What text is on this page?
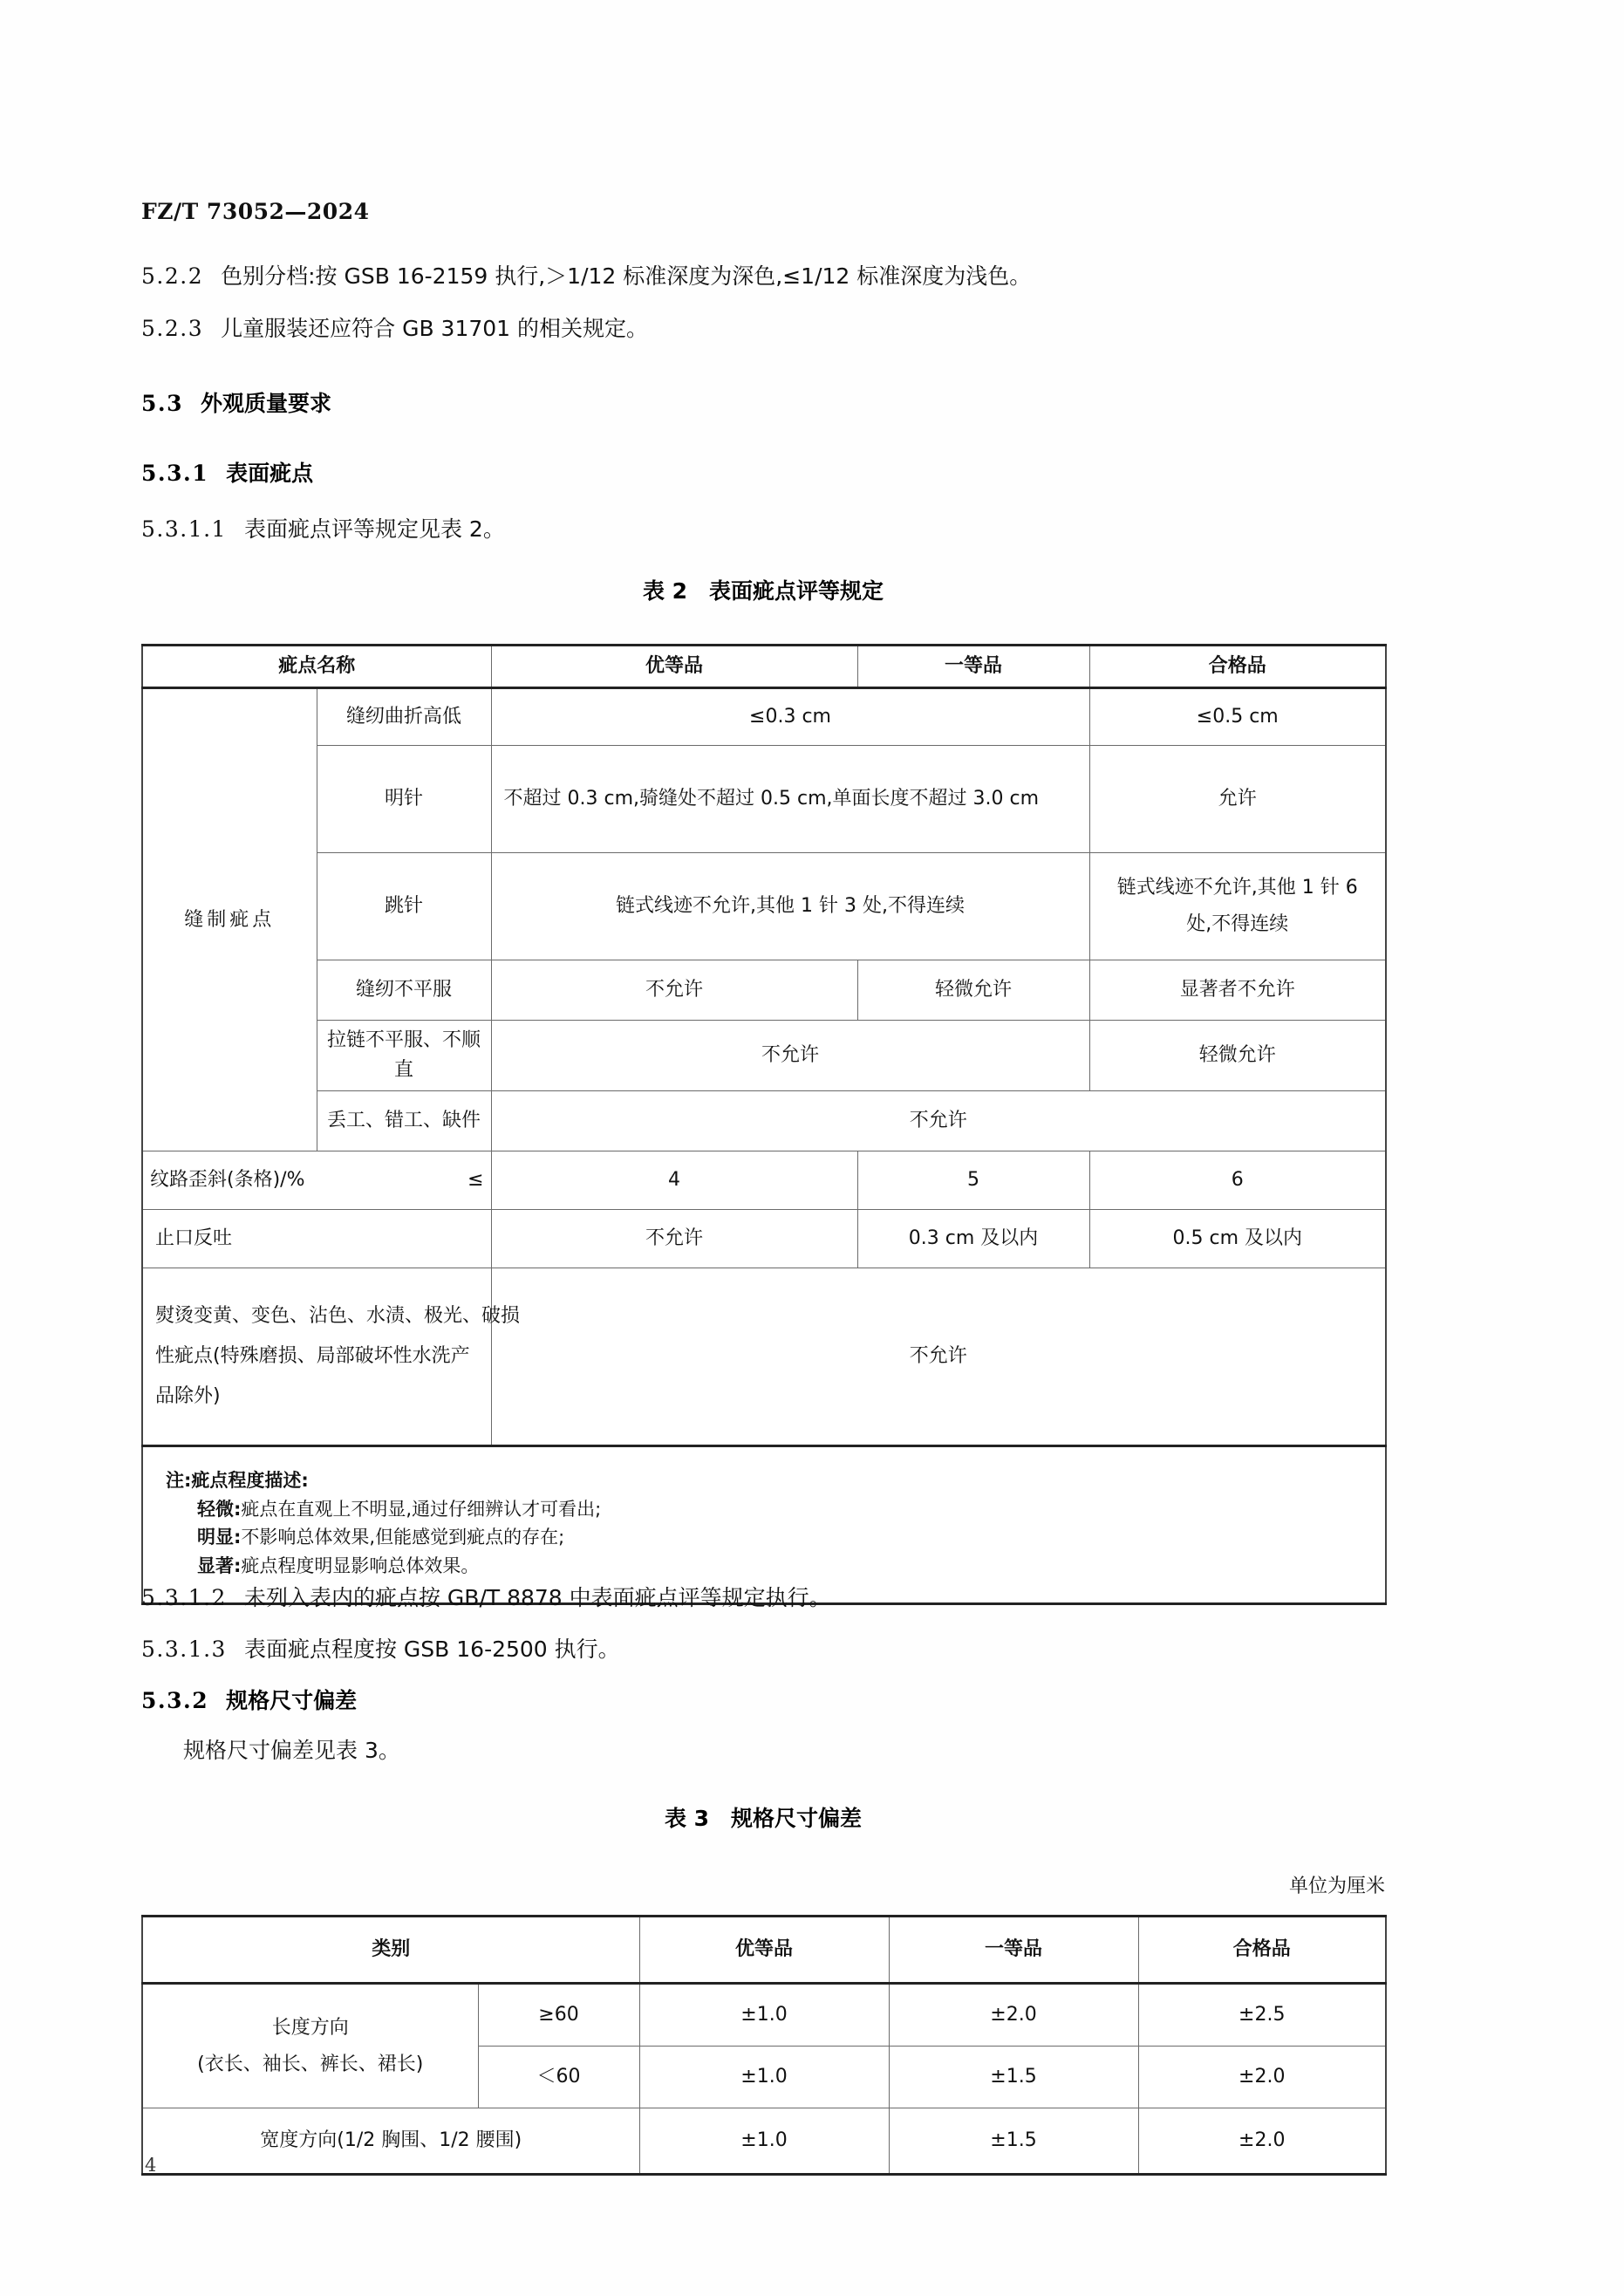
FZ/T 73052—2024
5.2.2 色别分档:按 GSB 16-2159 执行,＞1/12 标准深度为深色,≤1/12 标准深度为浅色。
5.2.3 儿童服装还应符合 GB 31701 的相关规定。
5.3 外观质量要求
5.3.1 表面疵点
5.3.1.1 表面疵点评等规定见表 2。
表 2　表面疵点评等规定
疵点名称		优等品	一等品	合格品
缝制疵点	缝纫曲折高低	≤0.3 cm		≤0.5 cm
	明针	不超过 0.3 cm,骑缝处不超过 0.5 cm,单面长度不超过 3.0 cm		允许
	跳针	链式线迹不允许,其他 1 针 3 处,不得连续		链式线迹不允许,其他 1 针 6 处,不得连续
	缝纫不平服	不允许	轻微允许	显著者不允许
	拉链不平服、不顺直	不允许		轻微允许
	丢工、错工、缺件	不允许		

纹路歪斜(条格)/% ≤		4	5	6
止口反吐		不允许	0.3 cm 及以内	0.5 cm 及以内

熨烫变黄、变色、沾色、水渍、极光、破损
性疵点(特殊磨损、局部破坏性水洗产
品除外)		不允许		

注:疵点程度描述:
轻微:疵点在直观上不明显,通过仔细辨认才可看出;
明显:不影响总体效果,但能感觉到疵点的存在;
显著:疵点程度明显影响总体效果。				
5.3.1.2 未列入表内的疵点按 GB/T 8878 中表面疵点评等规定执行。
5.3.1.3 表面疵点程度按 GSB 16-2500 执行。
5.3.2 规格尺寸偏差
规格尺寸偏差见表 3。
表 3　规格尺寸偏差
单位为厘米
类别		优等品	一等品	合格品

长度方向
(衣长、袖长、裤长、裙长)	≥60	±1.0	±2.0	±2.5
	＜60	±1.0	±1.5	±2.0
宽度方向(1/2 胸围、1/2 腰围)		±1.0	±1.5	±2.0
4
